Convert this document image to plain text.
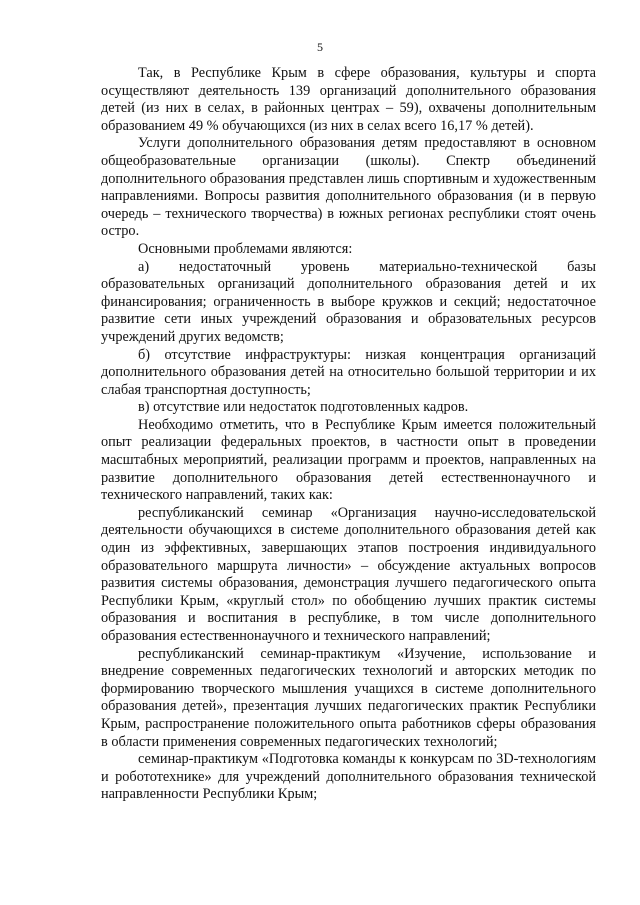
5

Так, в Республике Крым в сфере образования, культуры и спорта осуществляют деятельность 139 организаций дополнительного образования детей (из них в селах, в районных центрах – 59), охвачены дополнительным образованием 49 % обучающихся (из них в селах всего 16,17 % детей).

Услуги дополнительного образования детям предоставляют в основном общеобразовательные организации (школы). Спектр объединений дополнительного образования представлен лишь спортивным и художественным направлениями. Вопросы развития дополнительного образования (и в первую очередь – технического творчества) в южных регионах республики стоят очень остро.

Основными проблемами являются:

а) недостаточный уровень материально-технической базы образовательных организаций дополнительного образования детей и их финансирования; ограниченность в выборе кружков и секций; недостаточное развитие сети иных учреждений образования и образовательных ресурсов учреждений других ведомств;

б) отсутствие инфраструктуры: низкая концентрация организаций дополнительного образования детей на относительно большой территории и их слабая транспортная доступность;

в) отсутствие или недостаток подготовленных кадров.

Необходимо отметить, что в Республике Крым имеется положительный опыт реализации федеральных проектов, в частности опыт в проведении масштабных мероприятий, реализации программ и проектов, направленных на развитие дополнительного образования детей естественнонаучного и технического направлений, таких как:

республиканский семинар «Организация научно-исследовательской деятельности обучающихся в системе дополнительного образования детей как один из эффективных, завершающих этапов построения индивидуального образовательного маршрута личности» – обсуждение актуальных вопросов развития системы образования, демонстрация лучшего педагогического опыта Республики Крым, «круглый стол» по обобщению лучших практик системы образования и воспитания в республике, в том числе дополнительного образования естественнонаучного и технического направлений;

республиканский семинар-практикум «Изучение, использование и внедрение современных педагогических технологий и авторских методик по формированию творческого мышления учащихся в системе дополнительного образования детей», презентация лучших педагогических практик Республики Крым, распространение положительного опыта работников сферы образования в области применения современных педагогических технологий;

семинар-практикум «Подготовка команды к конкурсам по 3D-технологиям и робототехнике» для учреждений дополнительного образования технической направленности Республики Крым;
